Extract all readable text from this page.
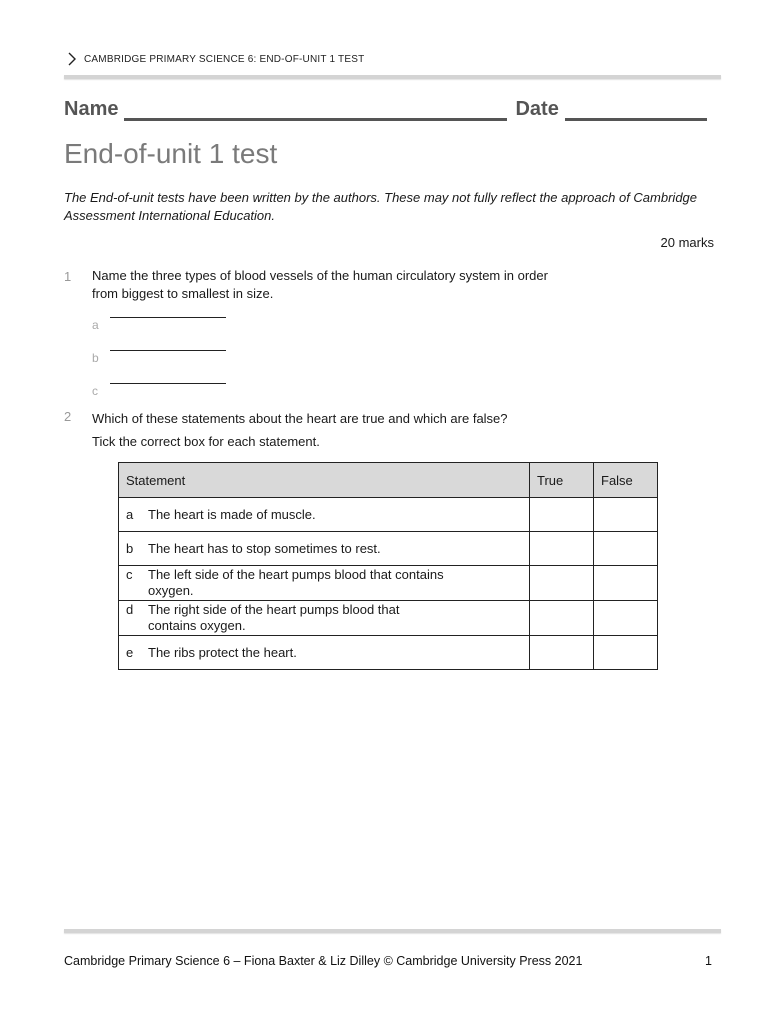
CAMBRIDGE PRIMARY SCIENCE 6: END-OF-UNIT 1 TEST
Name	Date
End-of-unit 1 test

The End-of-unit tests have been written by the authors. These may not fully reflect the approach of Cambridge Assessment International Education.

20 marks
1 Name the three types of blood vessels of the human circulatory system in order from biggest to smallest in size.

a
b
c
2 Which of these statements about the heart are true and which are false? Tick the correct box for each statement.

Statement	True	False
a The heart is made of muscle.		
b The heart has to stop sometimes to rest.		
c The left side of the heart pumps blood that contains oxygen.		
d The right side of the heart pumps blood that contains oxygen.		
e The ribs protect the heart.		
Cambridge Primary Science 6 – Fiona Baxter & Liz Dilley © Cambridge University Press 2021	1
